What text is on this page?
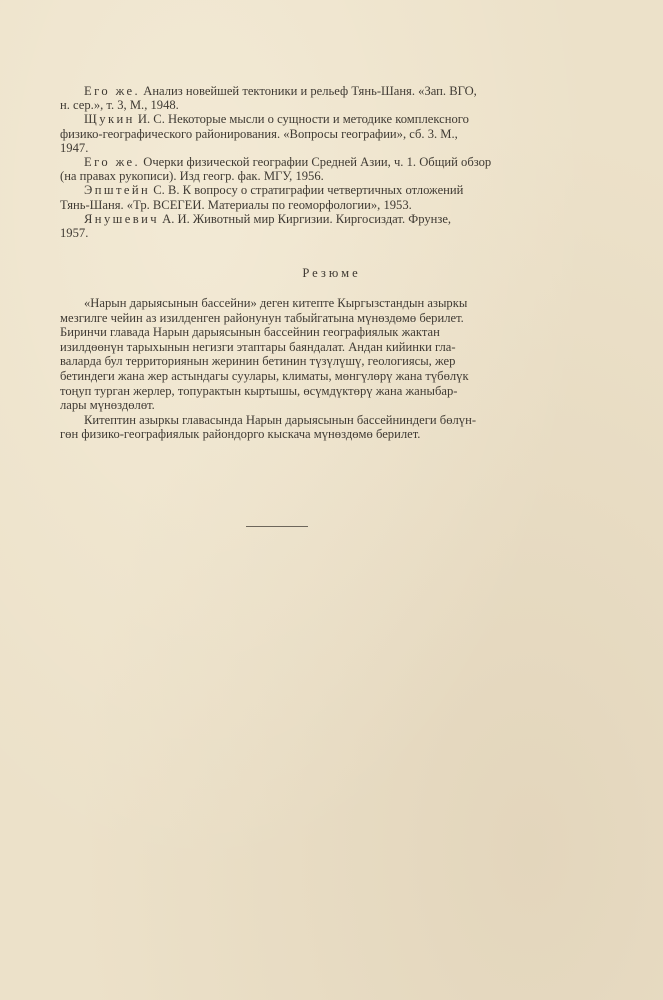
Его же. Анализ новейшей тектоники и рельеф Тянь-Шаня. «Зап. ВГО,
н. сер.», т. 3, М., 1948.

Щукин И. С. Некоторые мысли о сущности и методике комплексного
физико-географического районирования. «Вопросы географии», сб. 3. М.,
1947.

Его же. Очерки физической географии Средней Азии, ч. 1. Общий обзор
(на правах рукописи). Изд геогр. фак. МГУ, 1956.

Эпштейн С. В. К вопросу о стратиграфии четвертичных отложений
Тянь-Шаня. «Тр. ВСЕГЕИ. Материалы по геоморфологии», 1953.

Янушевич А. И. Животный мир Киргизии. Киргосиздат. Фрунзе,
1957.

Резюме
«Нарын дарыясынын бассейни» деген китепте Кыргызстандын азыркы
мезгилге чейин аз изилденген районунун табыйгатына мүнөздөмө берилет.
Биринчи главада Нарын дарыясынын бассейнин географиялык жактан
изилдөөнүн тарыхынын негизги этаптары баяндалат. Андан кийинки гла-
валарда бул территориянын жеринин бетинин түзүлүшү, геологиясы, жер
бетиндеги жана жер астындагы суулары, климаты, мөнгүлөрү жана түбөлүк
тоңуп турган жерлер, топурактын кыртышы, өсүмдүктөрү жана жаныбар-
лары мүнөздөлөт.
Китептин азыркы главасында Нарын дарыясынын бассейниндеги бөлүн-
гөн физико-географиялык райондорго кыскача мүнөздөмө берилет.
